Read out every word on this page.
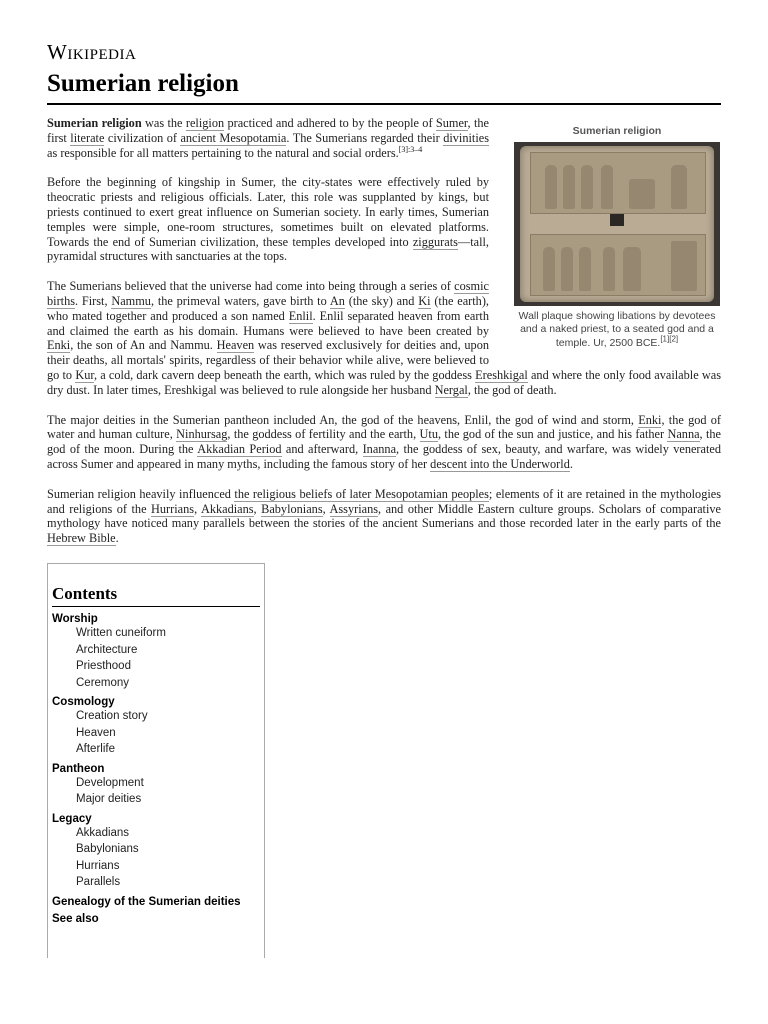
Wikipedia
Sumerian religion
Sumerian religion
Wall plaque showing libations by devotees and a naked priest, to a seated god and a temple. Ur, 2500 BCE.[1][2]

Sumerian religion was the religion practiced and adhered to by the people of Sumer, the first literate civilization of ancient Mesopotamia. The Sumerians regarded their divinities as responsible for all matters pertaining to the natural and social orders.$^{[3]:3-4}$

Before the beginning of kingship in Sumer, the city-states were effectively ruled by theocratic priests and religious officials. Later, this role was supplanted by kings, but priests continued to exert great influence on Sumerian society. In early times, Sumerian temples were simple, one-room structures, sometimes built on elevated platforms. Towards the end of Sumerian civilization, these temples developed into ziggurats—tall, pyramidal structures with sanctuaries at the tops.

The Sumerians believed that the universe had come into being through a series of cosmic births. First, Nammu, the primeval waters, gave birth to An (the sky) and Ki (the earth), who mated together and produced a son named Enlil. Enlil separated heaven from earth and claimed the earth as his domain. Humans were believed to have been created by Enki, the son of An and Nammu. Heaven was reserved exclusively for deities and, upon their deaths, all mortals' spirits, regardless of their behavior while alive, were believed to go to Kur, a cold, dark cavern deep beneath the earth, which was ruled by the goddess Ereshkigal and where the only food available was dry dust. In later times, Ereshkigal was believed to rule alongside her husband Nergal, the god of death.

The major deities in the Sumerian pantheon included An, the god of the heavens, Enlil, the god of wind and storm, Enki, the god of water and human culture, Ninhursag, the goddess of fertility and the earth, Utu, the god of the sun and justice, and his father Nanna, the god of the moon. During the Akkadian Period and afterward, Inanna, the goddess of sex, beauty, and warfare, was widely venerated across Sumer and appeared in many myths, including the famous story of her descent into the Underworld.

Sumerian religion heavily influenced the religious beliefs of later Mesopotamian peoples; elements of it are retained in the mythologies and religions of the Hurrians, Akkadians, Babylonians, Assyrians, and other Middle Eastern culture groups. Scholars of comparative mythology have noticed many parallels between the stories of the ancient Sumerians and those recorded later in the early parts of the Hebrew Bible.

Contents
Worship
Written cuneiform
Architecture
Priesthood
Ceremony
Cosmology
Creation story
Heaven
Afterlife
Pantheon
Development
Major deities
Legacy
Akkadians
Babylonians
Hurrians
Parallels
Genealogy of the Sumerian deities
See also
